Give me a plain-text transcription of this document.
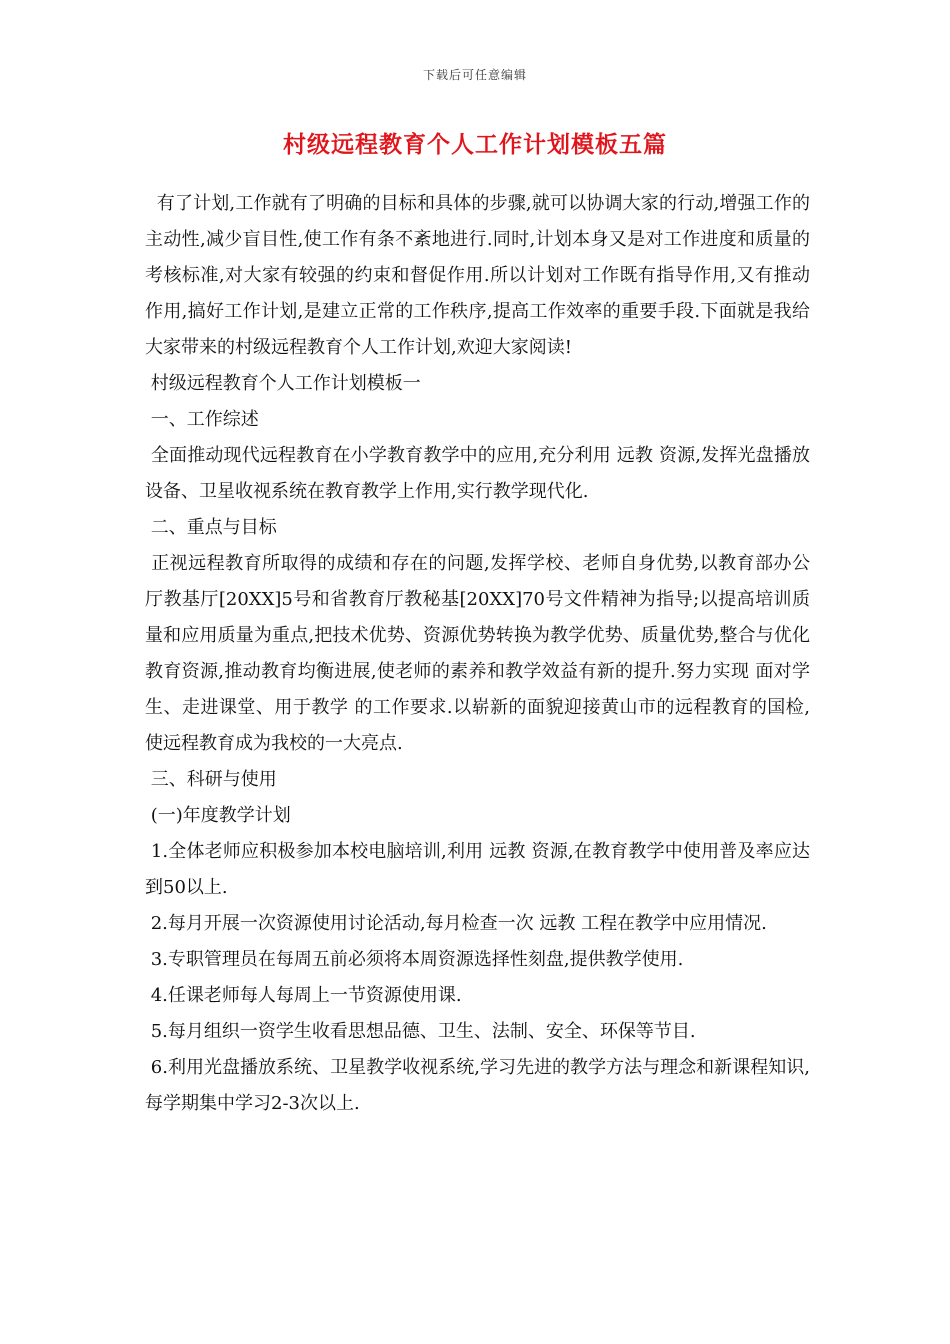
下载后可任意编辑
村级远程教育个人工作计划模板五篇

有了计划,工作就有了明确的目标和具体的步骤,就可以协调大家的行动,增强工作的主动性,减少盲目性,使工作有条不紊地进行.同时,计划本身又是对工作进度和质量的考核标准,对大家有较强的约束和督促作用.所以计划对工作既有指导作用,又有推动作用,搞好工作计划,是建立正常的工作秩序,提高工作效率的重要手段.下面就是我给大家带来的村级远程教育个人工作计划,欢迎大家阅读!

村级远程教育个人工作计划模板一

一、工作综述

全面推动现代远程教育在小学教育教学中的应用,充分利用 远教 资源,发挥光盘播放设备、卫星收视系统在教育教学上作用,实行教学现代化.

二、重点与目标

正视远程教育所取得的成绩和存在的问题,发挥学校、老师自身优势,以教育部办公厅教基厅[20XX]5号和省教育厅教秘基[20XX]70号文件精神为指导;以提高培训质量和应用质量为重点,把技术优势、资源优势转换为教学优势、质量优势,整合与优化教育资源,推动教育均衡进展,使老师的素养和教学效益有新的提升.努力实现 面对学生、走进课堂、用于教学 的工作要求.以崭新的面貌迎接黄山市的远程教育的国检,使远程教育成为我校的一大亮点.

三、科研与使用

(一)年度教学计划

1.全体老师应积极参加本校电脑培训,利用 远教 资源,在教育教学中使用普及率应达到50以上.

2.每月开展一次资源使用讨论活动,每月检查一次 远教 工程在教学中应用情况.

3.专职管理员在每周五前必须将本周资源选择性刻盘,提供教学使用.

4.任课老师每人每周上一节资源使用课.

5.每月组织一资学生收看思想品德、卫生、法制、安全、环保等节目.

6.利用光盘播放系统、卫星教学收视系统,学习先进的教学方法与理念和新课程知识,每学期集中学习2-3次以上.
